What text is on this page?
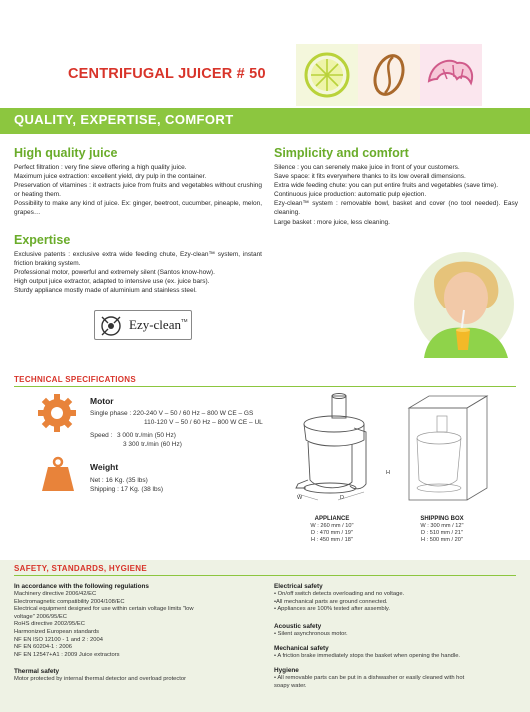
CENTRIFUGAL JUICER # 50
QUALITY, EXPERTISE, COMFORT
High quality juice
Perfect filtration : very fine sieve offering a high quality juice.
Maximum juice extraction: excellent yield, dry pulp in the container.
Preservation of vitamines : it extracts juice from fruits and vegetables without crushing or heating them.
Possibility to make any kind of juice. Ex: ginger, beetroot, cucumber, pineaple, melon, grapes…
Expertise
Exclusive patents : exclusive extra wide feeding chute, Ezy-clean™ system, instant friction braking system.
Professional motor, powerful and extremely silent (Santos know-how).
High output juice extractor, adapted to intensive use (ex. juice bars).
Sturdy appliance mostly made of aluminium and stainless steel.
Ezy-clean TM
Simplicity and comfort
Silence : you can serenely make juice in front of your customers.
Save space: it fits everywhere thanks to its low overall dimensions.
Extra wide feeding chute: you can put entire fruits and vegetables (save time).
Continuous juice production: automatic pulp ejection.
Ezy-clean™ system : removable bowl, basket and cover (no tool needed). Easy cleaning.
Large basket : more juice, less cleaning.
TECHNICAL SPECIFICATIONS
Motor
Single phase : 220-240 V – 50 / 60 Hz – 800 W CE – GS
110-120 V – 50 / 60 Hz – 800 W CE – UL
Speed : 3 000 tr./min (50 Hz)
3 300 tr./min (60 Hz)
Weight
Net : 16 Kg. (35 lbs)
Shipping : 17 Kg. (38 lbs)
W	D
H
APPLIANCE
W : 260 mm / 10''
D : 470 mm / 19''
H : 450 mm / 18''
SHIPPING BOX
W : 300 mm / 12''
D : 510 mm / 21''
H : 500 mm / 20''
SAFETY, STANDARDS, HYGIENE
In accordance with the following regulations
Machinery directive 2006/42/EC
Electromagnetic compatibility 2004/108/EC
Electrical equipment designed for use within certain voltage limits "low
voltage" 2006/95/EC
RoHS directive 2002/95/EC
Harmonized European standards
NF EN ISO 12100 - 1 and 2 : 2004
NF EN 60204-1 : 2006
NF EN 12547+A1 : 2009 Juice extractors
Thermal safety
Motor protected by internal thermal detector and overload protector
Electrical safety
• On/off switch detects overloading and no voltage.
•All mechanical parts are ground connected.
• Appliances are 100% tested after assembly.
Acoustic safety
• Silent asynchronous motor.
Mechanical safety
• A friction brake immediately stops the basket when opening the handle.
Hygiene
• All removable parts can be put in a dishwasher or easily cleaned with hot
soapy water.
